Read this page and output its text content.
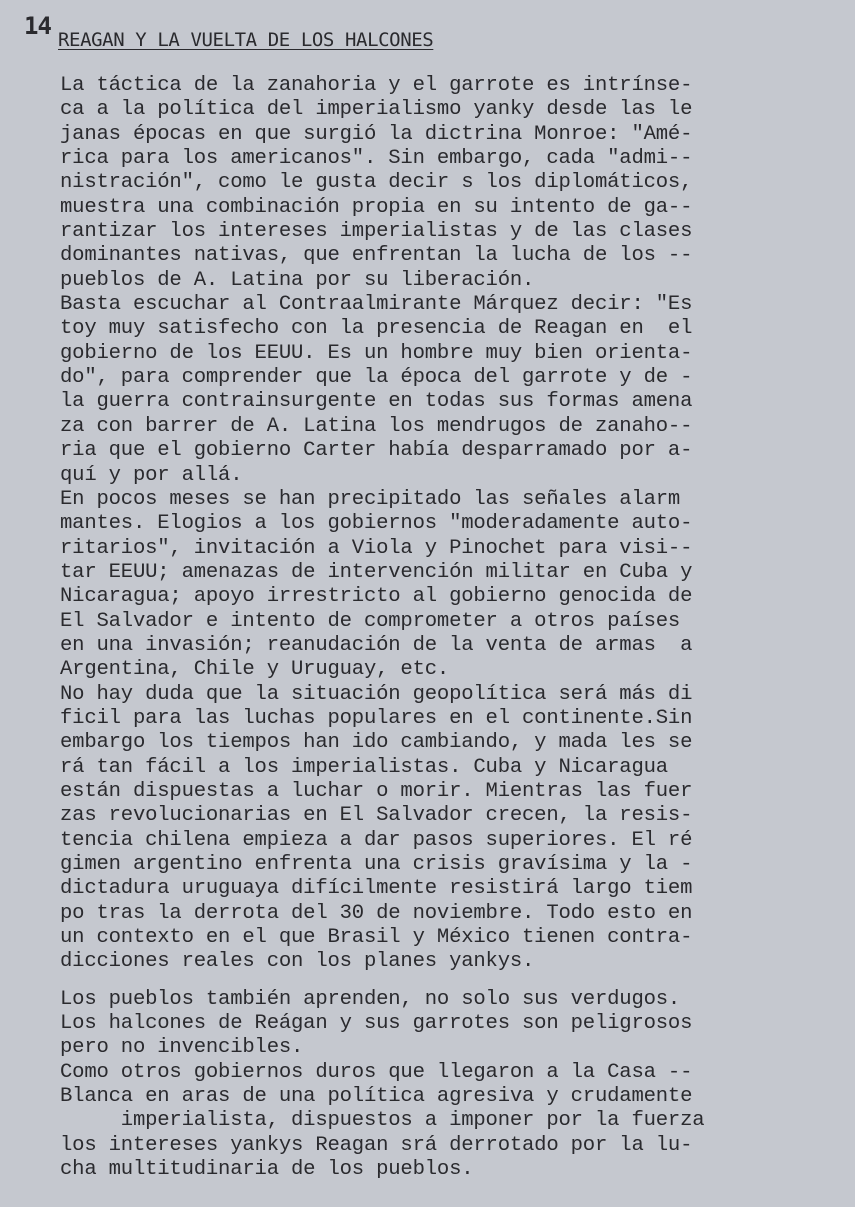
14 REAGAN Y LA VUELTA DE LOS HALCONES
La táctica de la zanahoria y el garrote es intrínse-
ca a la política del imperialismo yanky desde las le
janas épocas en que surgió la dictrina Monroe: "Amé-
rica para los americanos". Sin embargo, cada "admi--
nistración", como le gusta decir s los diplomáticos,
muestra una combinación propia en su intento de ga--
rantizar los intereses imperialistas y de las clases
dominantes nativas, que enfrentan la lucha de los --
pueblos de A. Latina por su liberación.
Basta escuchar al Contraalmirante Márquez decir: "Es
toy muy satisfecho con la presencia de Reagan en  el
gobierno de los EEUU. Es un hombre muy bien orienta-
do", para comprender que la época del garrote y de -
la guerra contrainsurgente en todas sus formas amena
za con barrer de A. Latina los mendrugos de zanaho--
ria que el gobierno Carter había desparramado por a-
quí y por allá.
En pocos meses se han precipitado las señales alarm
mantes. Elogios a los gobiernos "moderadamente auto-
ritarios", invitación a Viola y Pinochet para visi--
tar EEUU; amenazas de intervención militar en Cuba y
Nicaragua; apoyo irrestricto al gobierno genocida de
El Salvador e intento de comprometer a otros países
en una invasión; reanudación de la venta de armas  a
Argentina, Chile y Uruguay, etc.
No hay duda que la situación geopolítica será más di
ficil para las luchas populares en el continente.Sin
embargo los tiempos han ido cambiando, y mada les se
rá tan fácil a los imperialistas. Cuba y Nicaragua
están dispuestas a luchar o morir. Mientras las fuer
zas revolucionarias en El Salvador crecen, la resis-
tencia chilena empieza a dar pasos superiores. El ré
gimen argentino enfrenta una crisis gravísima y la -
dictadura uruguaya difícilmente resistirá largo tiem
po tras la derrota del 30 de noviembre. Todo esto en
un contexto en el que Brasil y México tienen contra-
dicciones reales con los planes yankys.
Los pueblos también aprenden, no solo sus verdugos.
Los halcones de Reágan y sus garrotes son peligrosos
pero no invencibles.
Como otros gobiernos duros que llegaron a la Casa --
Blanca en aras de una política agresiva y crudamente
imperialista, dispuestos a imponer por la fuerza
los intereses yankys Reagan srá derrotado por la lu-
cha multitudinaria de los pueblos.
